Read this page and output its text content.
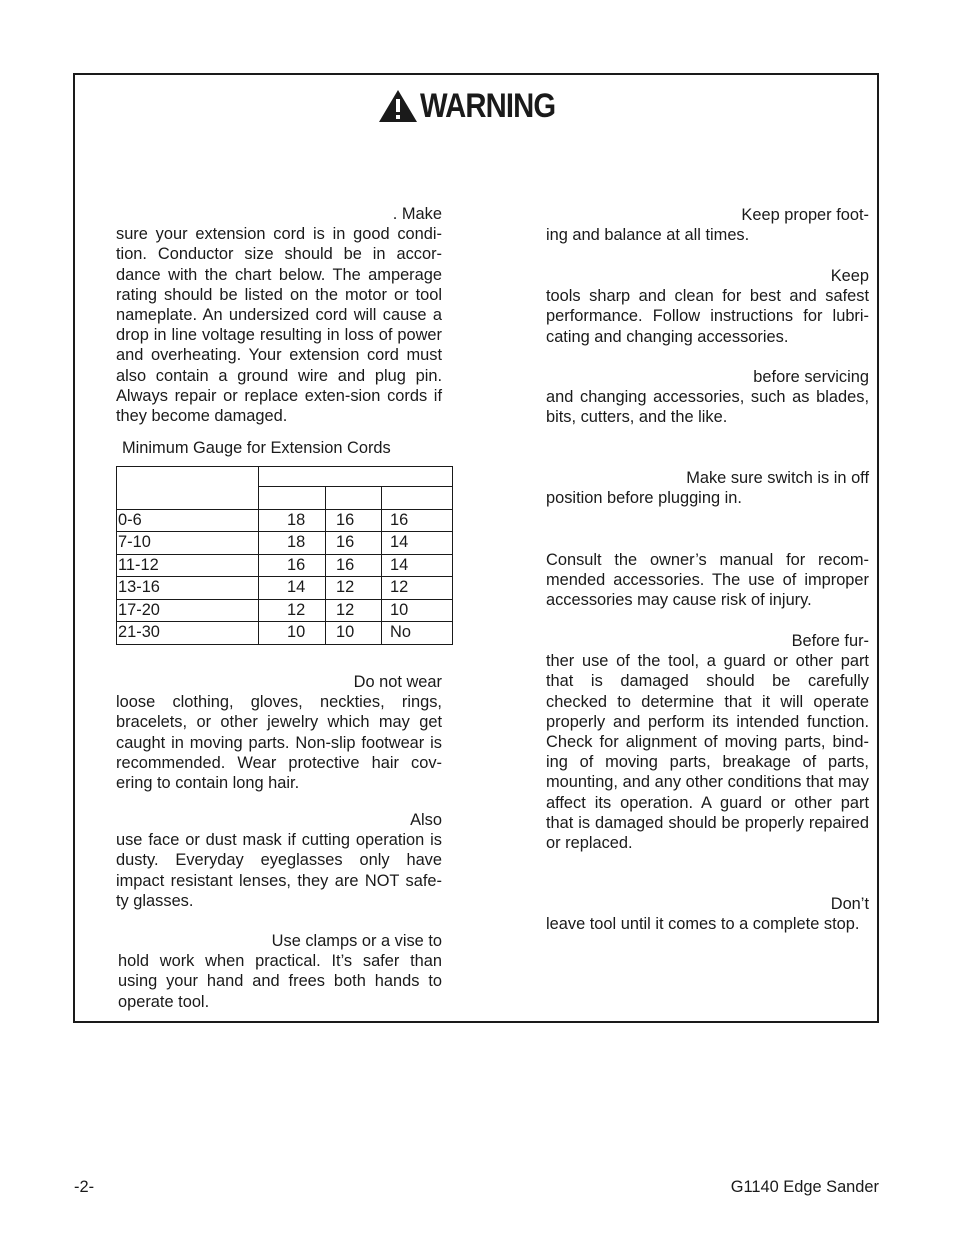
WARNING

. Make
sure your extension cord is in good condi-tion. Conductor size should be in accor-dance with the chart below. The amperage rating should be listed on the motor or tool nameplate. An undersized cord will cause a drop in line voltage resulting in loss of power and overheating. Your extension cord must also contain a ground wire and plug pin. Always repair or replace exten-sion cords if they become damaged.

Minimum Gauge for Extension Cords

0-6	18	16	16
7-10	18	16	14
11-12	16	16	14
13-16	14	12	12
17-20	12	12	10
21-30	10	10	No

Do not wear
loose clothing, gloves, neckties, rings, bracelets, or other jewelry which may get caught in moving parts. Non-slip footwear is recommended. Wear protective hair cov-ering to contain long hair.

Also
use face or dust mask if cutting operation is dusty. Everyday eyeglasses only have impact resistant lenses, they are NOT safe-ty glasses.

Use clamps or a vise to
hold work when practical. It’s safer than using your hand and frees both hands to operate tool.

Keep proper foot-
ing and balance at all times.

Keep
tools sharp and clean for best and safest performance. Follow instructions for lubri-cating and changing accessories.

before servicing
and changing accessories, such as blades, bits, cutters, and the like.

Make sure switch is in off
position before plugging in.

Consult the owner’s manual for recom-mended accessories. The use of improper accessories may cause risk of injury.

Before fur-
ther use of the tool, a guard or other part that is damaged should be carefully checked to determine that it will operate properly and perform its intended function. Check for alignment of moving parts, bind-ing of moving parts, breakage of parts, mounting, and any other conditions that may affect its operation. A guard or other part that is damaged should be properly repaired or replaced.

Don’t
leave tool until it comes to a complete stop.

-2-	G1140 Edge Sander
